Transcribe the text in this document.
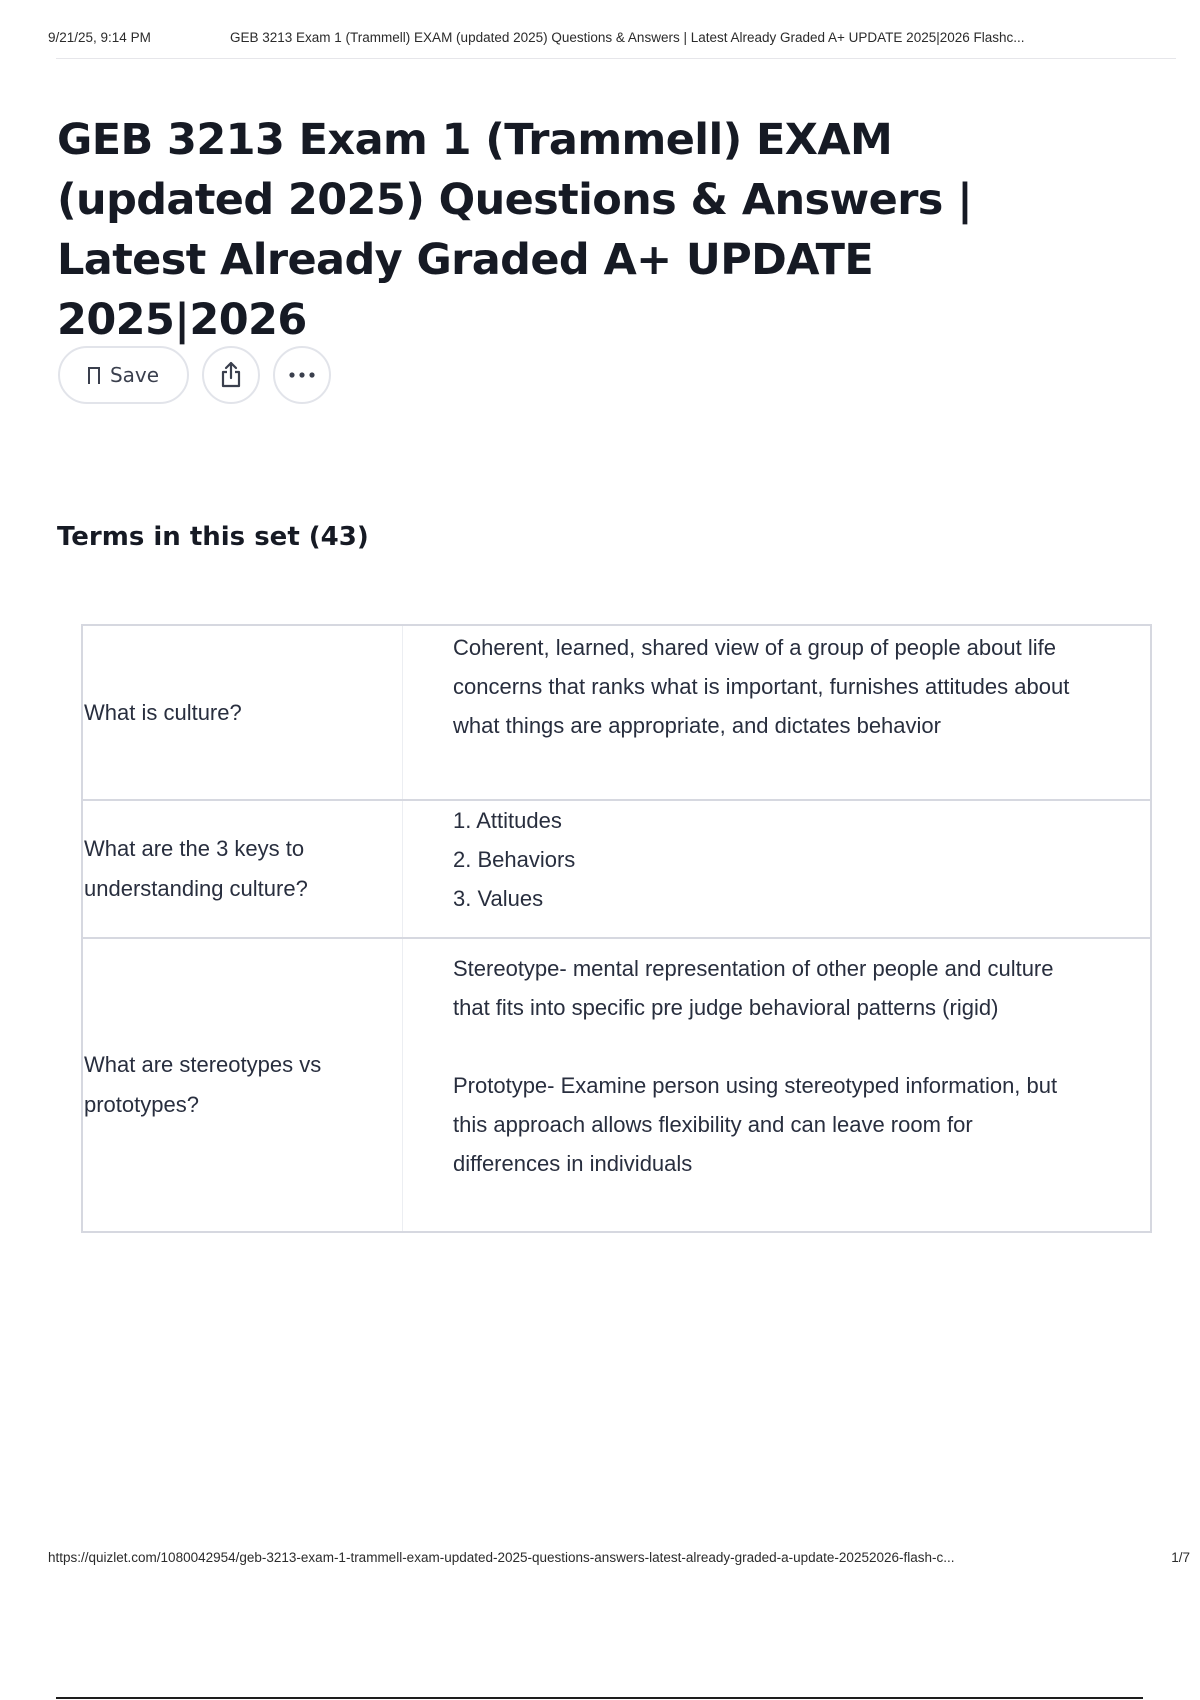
9/21/25, 9:14 PM	GEB 3213 Exam 1 (Trammell) EXAM (updated 2025) Questions & Answers | Latest Already Graded A+ UPDATE 2025|2026 Flashc...
GEB 3213 Exam 1 (Trammell) EXAM (updated 2025) Questions & Answers | Latest Already Graded A+ UPDATE 2025|2026
Save
Terms in this set (43)
What is culture?
Coherent, learned, shared view of a group of people about life concerns that ranks what is important, furnishes attitudes about what things are appropriate, and dictates behavior
What are the 3 keys to understanding culture?
1. Attitudes
2. Behaviors
3. Values
What are stereotypes vs prototypes?
Stereotype- mental representation of other people and culture that fits into specific pre judge behavioral patterns (rigid)

Prototype- Examine person using stereotyped information, but this approach allows flexibility and can leave room for differences in individuals
https://quizlet.com/1080042954/geb-3213-exam-1-trammell-exam-updated-2025-questions-answers-latest-already-graded-a-update-20252026-flash-c...	1/7
